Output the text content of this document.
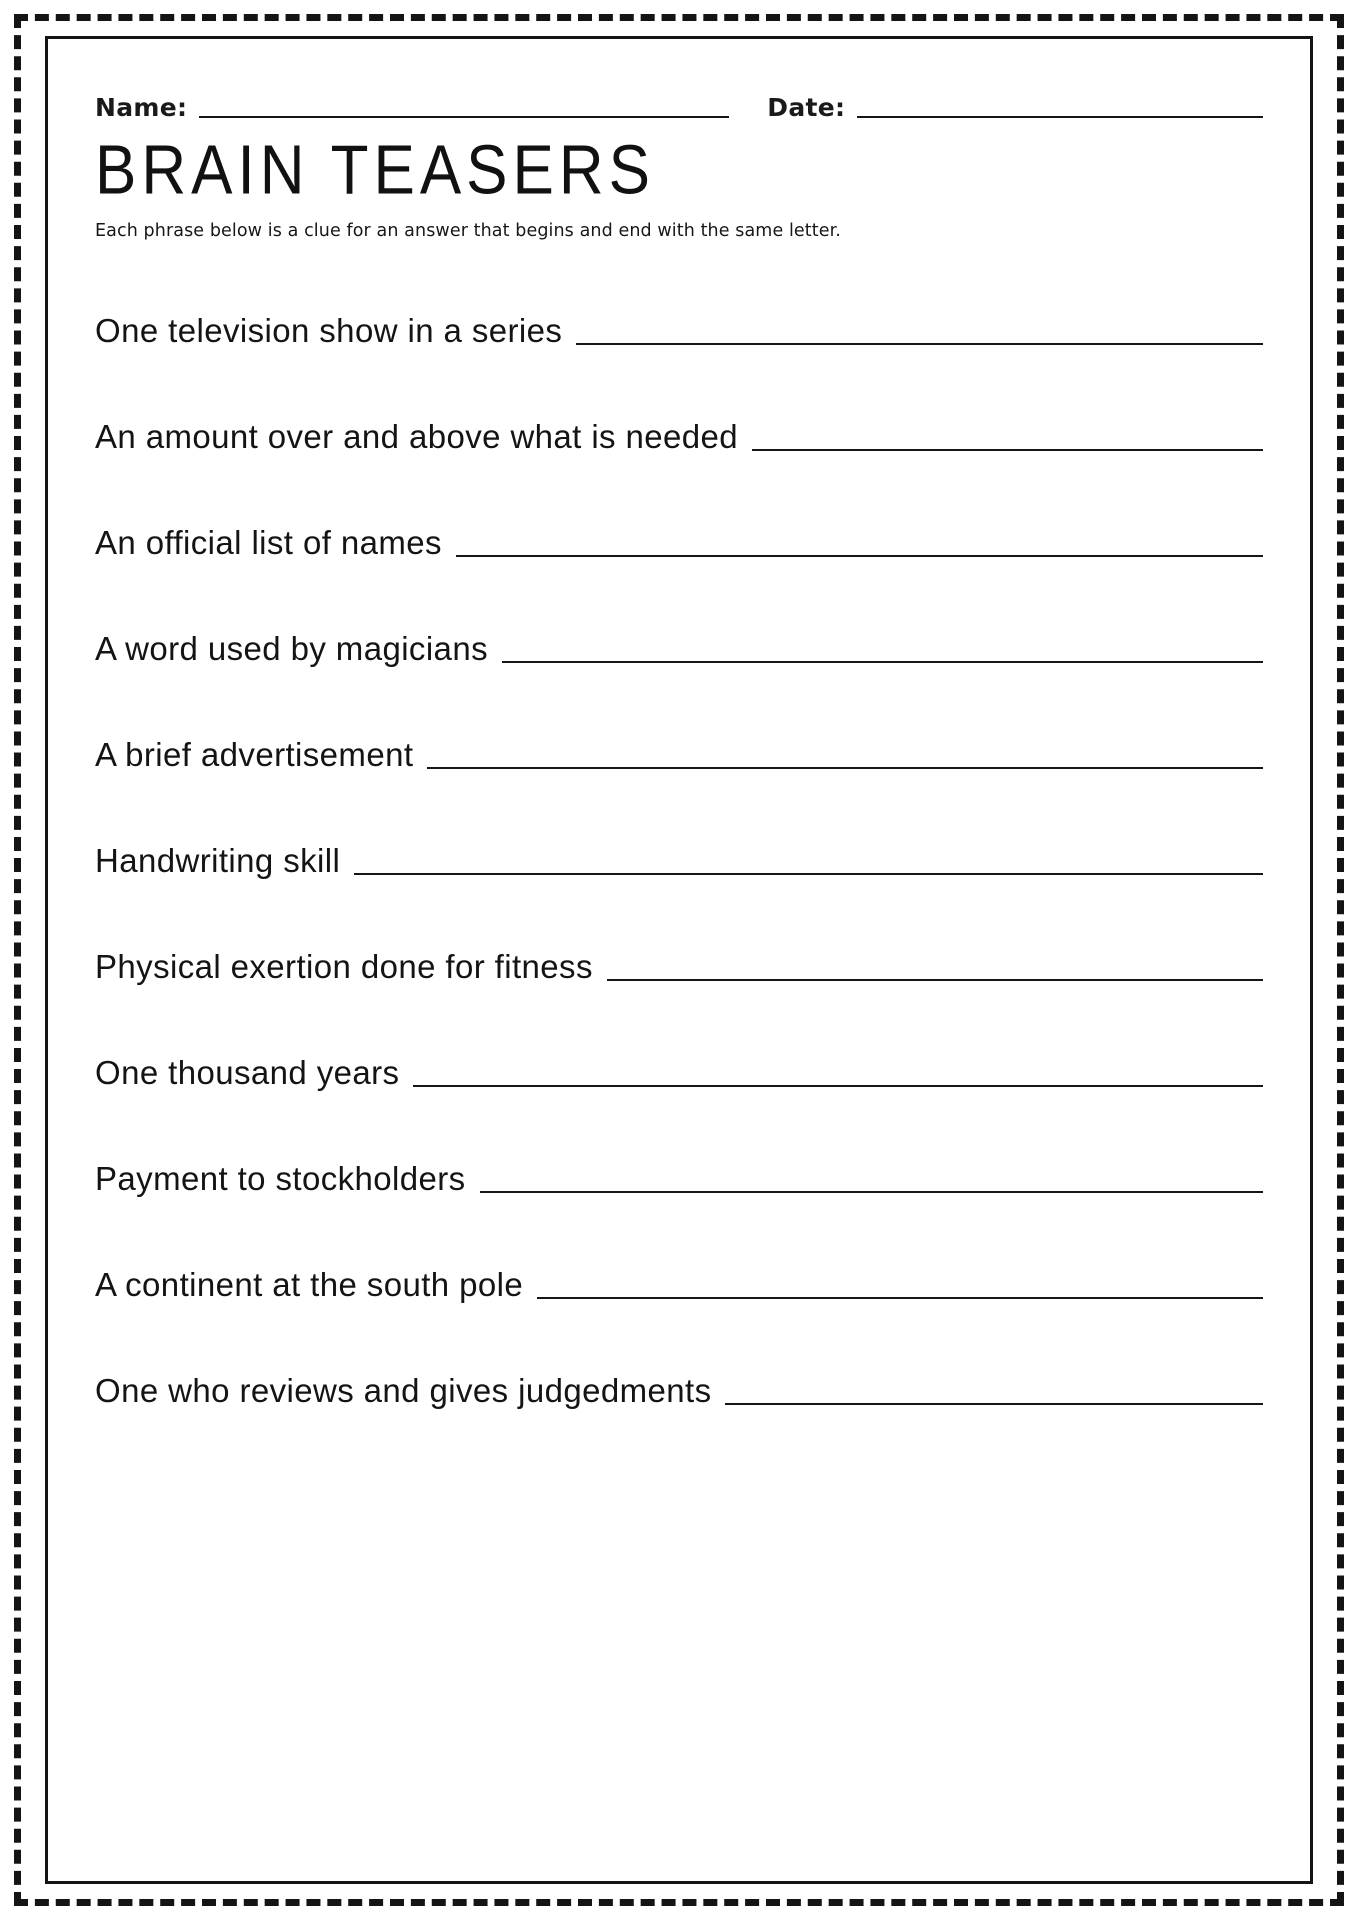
Name:	Date:
BRAIN TEASERS
Each phrase below is a clue for an answer that begins and end with the same letter.
One television show in a series
An amount over and above what is needed
An official list of names
A word used by magicians
A brief advertisement
Handwriting skill
Physical exertion done for fitness
One thousand years
Payment to stockholders
A continent at the south pole
One who reviews and gives judgedments
